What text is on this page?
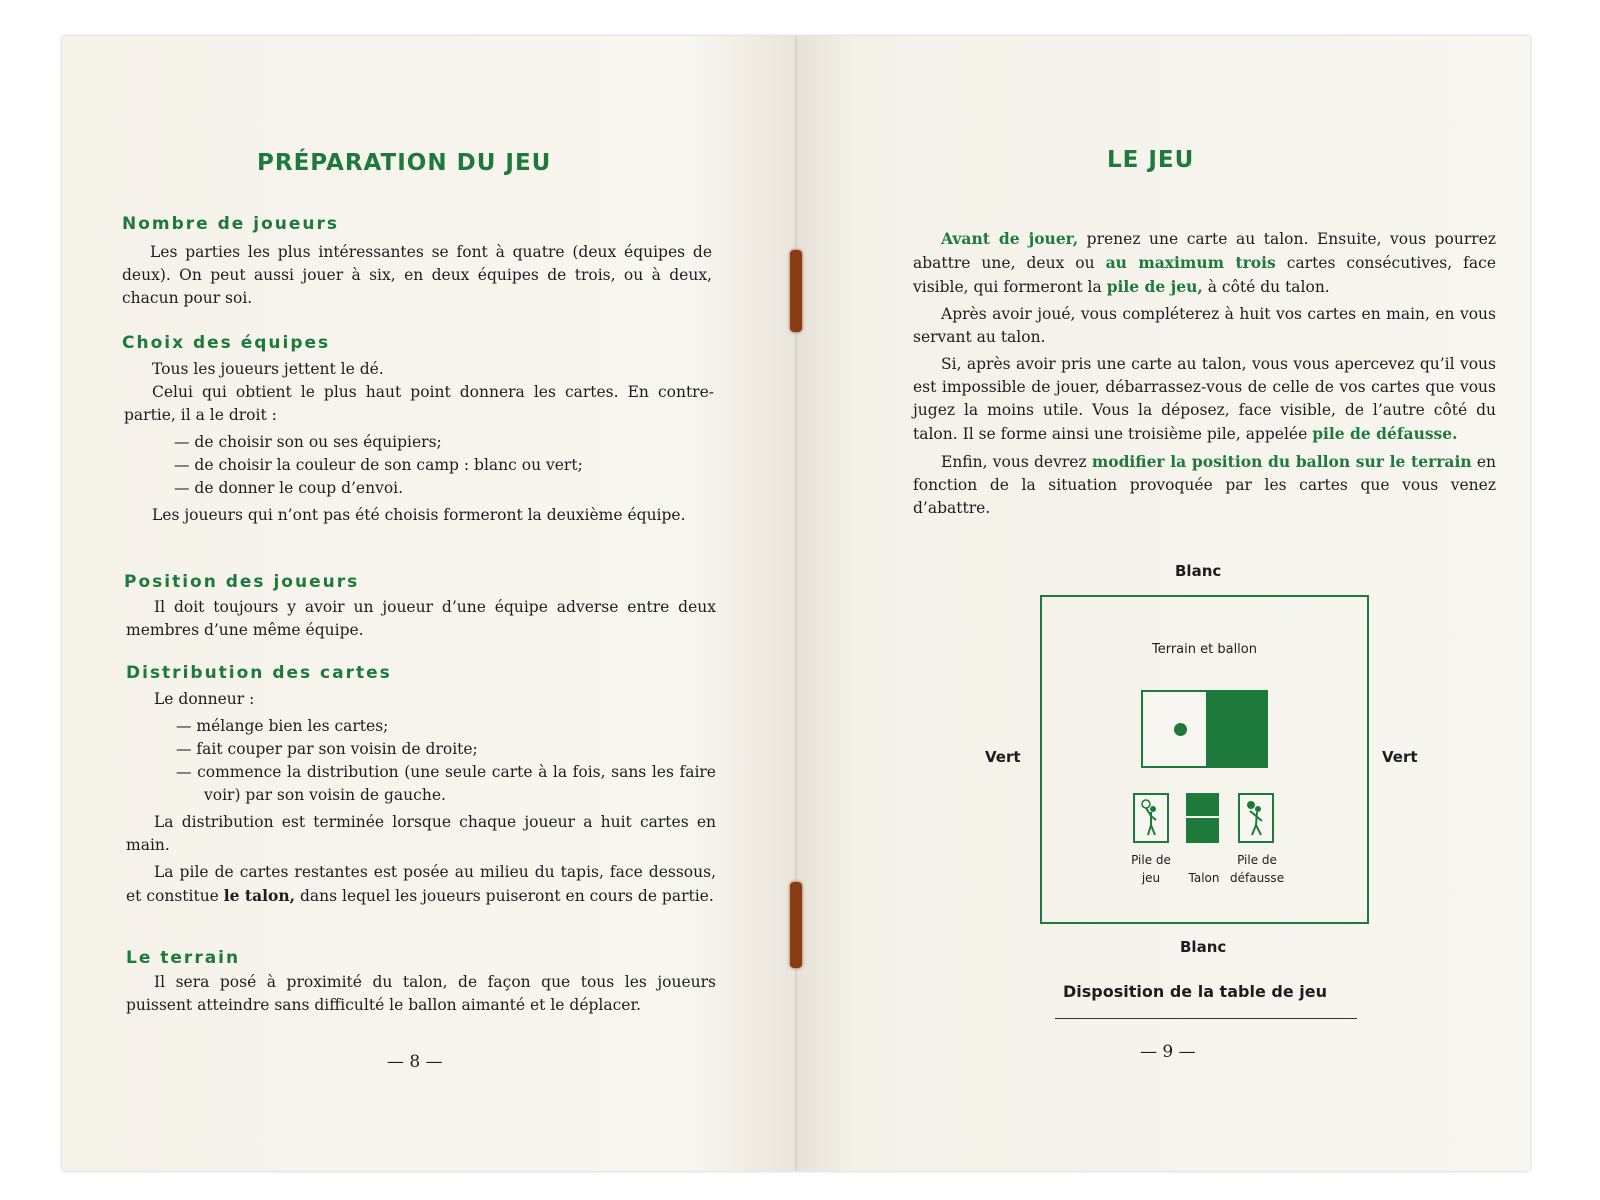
PRÉPARATION DU JEU
Nombre de joueurs

Les parties les plus intéressantes se font à quatre (deux équipes de deux). On peut aussi jouer à six, en deux équipes de trois, ou à deux, chacun pour soi.

Choix des équipes

Tous les joueurs jettent le dé.

Celui qui obtient le plus haut point donnera les cartes. En contre-partie, il a le droit :

— de choisir son ou ses équipiers;
— de choisir la couleur de son camp : blanc ou vert;
— de donner le coup d’envoi.

Les joueurs qui n’ont pas été choisis formeront la deuxième équipe.

Position des joueurs

Il doit toujours y avoir un joueur d’une équipe adverse entre deux membres d’une même équipe.

Distribution des cartes

Le donneur :

— mélange bien les cartes;
— fait couper par son voisin de droite;
— commence la distribution (une seule carte à la fois, sans les faire voir) par son voisin de gauche.

La distribution est terminée lorsque chaque joueur a huit cartes en main.

La pile de cartes restantes est posée au milieu du tapis, face dessous, et constitue le talon, dans lequel les joueurs puiseront en cours de partie.

Le terrain

Il sera posé à proximité du talon, de façon que tous les joueurs puissent atteindre sans difficulté le ballon aimanté et le déplacer.

— 8 —
LE JEU

Avant de jouer, prenez une carte au talon. Ensuite, vous pourrez abattre une, deux ou au maximum trois cartes consécutives, face visible, qui formeront la pile de jeu, à côté du talon.

Après avoir joué, vous compléterez à huit vos cartes en main, en vous servant au talon.

Si, après avoir pris une carte au talon, vous vous apercevez qu’il vous est impossible de jouer, débarrassez-vous de celle de vos cartes que vous jugez la moins utile. Vous la déposez, face visible, de l’autre côté du talon. Il se forme ainsi une troisième pile, appelée pile de défausse.

Enfin, vous devrez modifier la position du ballon sur le terrain en fonction de la situation provoquée par les cartes que vous venez d’abattre.

Blanc
Vert	Vert
Terrain et ballon
Pile de jeu	Talon
Pile de défausse
Blanc
Disposition de la table de jeu
— 9 —
